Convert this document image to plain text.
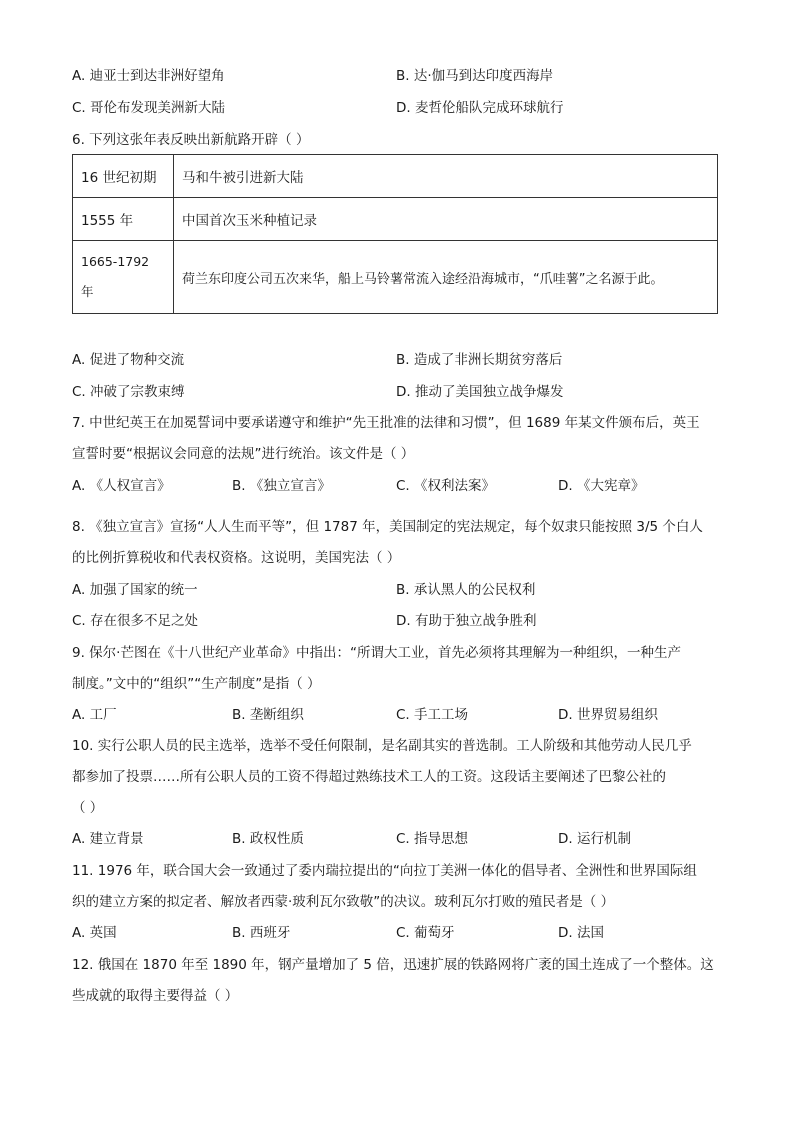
A. 迪亚士到达非洲好望角	B. 达·伽马到达印度西海岸
C. 哥伦布发现美洲新大陆	D. 麦哲伦船队完成环球航行
6. 下列这张年表反映出新航路开辟（ ）
16 世纪初期	马和牛被引进新大陆
1555 年	中国首次玉米种植记录
1665-1792 年	荷兰东印度公司五次来华，船上马铃薯常流入途经沿海城市，“爪哇薯”之名源于此。
A. 促进了物种交流	B. 造成了非洲长期贫穷落后
C. 冲破了宗教束缚	D. 推动了美国独立战争爆发
7. 中世纪英王在加冕誓词中要承诺遵守和维护“先王批准的法律和习惯”，但 1689 年某文件颁布后，英王
宣誓时要“根据议会同意的法规”进行统治。该文件是（ ）
A. 《人权宣言》	B. 《独立宣言》	C. 《权利法案》	D. 《大宪章》
8. 《独立宣言》宣扬“人人生而平等”，但 1787 年，美国制定的宪法规定，每个奴隶只能按照 3/5 个白人
的比例折算税收和代表权资格。这说明，美国宪法（ ）
A. 加强了国家的统一	B. 承认黑人的公民权利
C. 存在很多不足之处	D. 有助于独立战争胜利
9. 保尔·芒图在《十八世纪产业革命》中指出：“所谓大工业，首先必须将其理解为一种组织，一种生产
制度。”文中的“组织”“生产制度”是指（ ）
A. 工厂	B. 垄断组织	C. 手工工场	D. 世界贸易组织
10. 实行公职人员的民主选举，选举不受任何限制，是名副其实的普选制。工人阶级和其他劳动人民几乎
都参加了投票……所有公职人员的工资不得超过熟练技术工人的工资。这段话主要阐述了巴黎公社的
（ ）
A. 建立背景	B. 政权性质	C. 指导思想	D. 运行机制
11. 1976 年，联合国大会一致通过了委内瑞拉提出的“向拉丁美洲一体化的倡导者、全洲性和世界国际组
织的建立方案的拟定者、解放者西蒙·玻利瓦尔致敬”的决议。玻利瓦尔打败的殖民者是（ ）
A. 英国	B. 西班牙	C. 葡萄牙	D. 法国
12. 俄国在 1870 年至 1890 年，钢产量增加了 5 倍，迅速扩展的铁路网将广袤的国土连成了一个整体。这
些成就的取得主要得益（ ）
